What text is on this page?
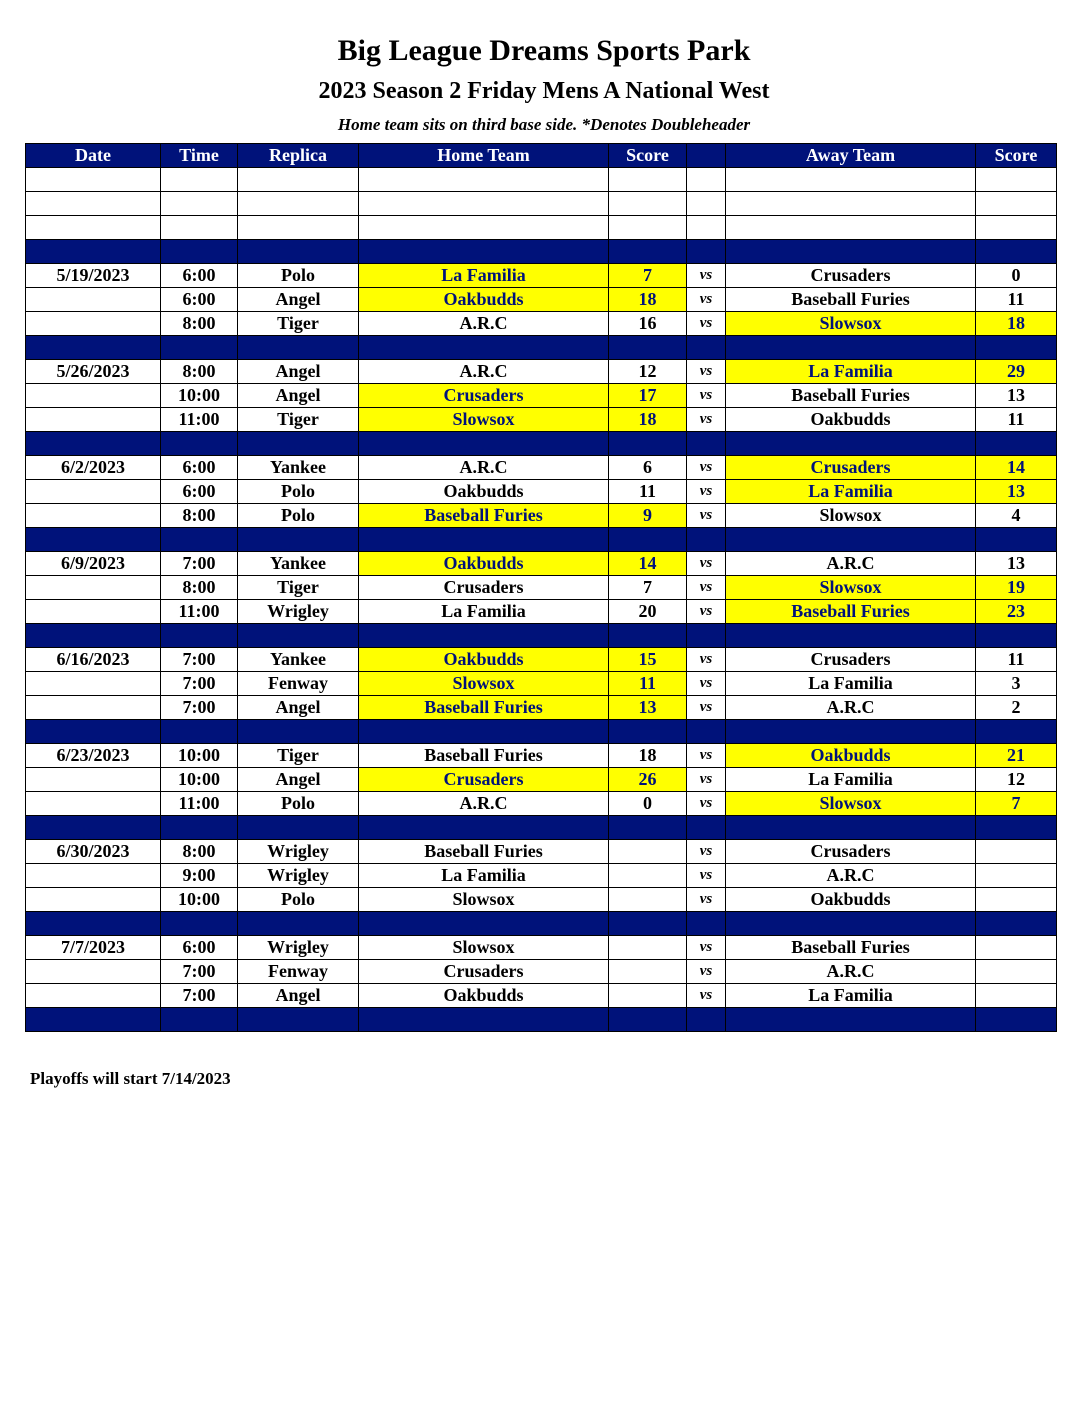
Big League Dreams Sports Park
2023 Season 2 Friday Mens A National West
Home team sits on third base side. *Denotes Doubleheader
Date	Time	Replica	Home Team	Score		Away Team	Score

5/19/2023	6:00	Polo	La Familia	7	vs	Crusaders	0
	6:00	Angel	Oakbudds	18	vs	Baseball Furies	11
	8:00	Tiger	A.R.C	16	vs	Slowsox	18

5/26/2023	8:00	Angel	A.R.C	12	vs	La Familia	29
	10:00	Angel	Crusaders	17	vs	Baseball Furies	13
	11:00	Tiger	Slowsox	18	vs	Oakbudds	11

6/2/2023	6:00	Yankee	A.R.C	6	vs	Crusaders	14
	6:00	Polo	Oakbudds	11	vs	La Familia	13
	8:00	Polo	Baseball Furies	9	vs	Slowsox	4

6/9/2023	7:00	Yankee	Oakbudds	14	vs	A.R.C	13
	8:00	Tiger	Crusaders	7	vs	Slowsox	19
	11:00	Wrigley	La Familia	20	vs	Baseball Furies	23

6/16/2023	7:00	Yankee	Oakbudds	15	vs	Crusaders	11
	7:00	Fenway	Slowsox	11	vs	La Familia	3
	7:00	Angel	Baseball Furies	13	vs	A.R.C	2

6/23/2023	10:00	Tiger	Baseball Furies	18	vs	Oakbudds	21
	10:00	Angel	Crusaders	26	vs	La Familia	12
	11:00	Polo	A.R.C	0	vs	Slowsox	7

6/30/2023	8:00	Wrigley	Baseball Furies		vs	Crusaders	
	9:00	Wrigley	La Familia		vs	A.R.C	
	10:00	Polo	Slowsox		vs	Oakbudds	

7/7/2023	6:00	Wrigley	Slowsox		vs	Baseball Furies	
	7:00	Fenway	Crusaders		vs	A.R.C	
	7:00	Angel	Oakbudds		vs	La Familia	

Playoffs will start 7/14/2023
